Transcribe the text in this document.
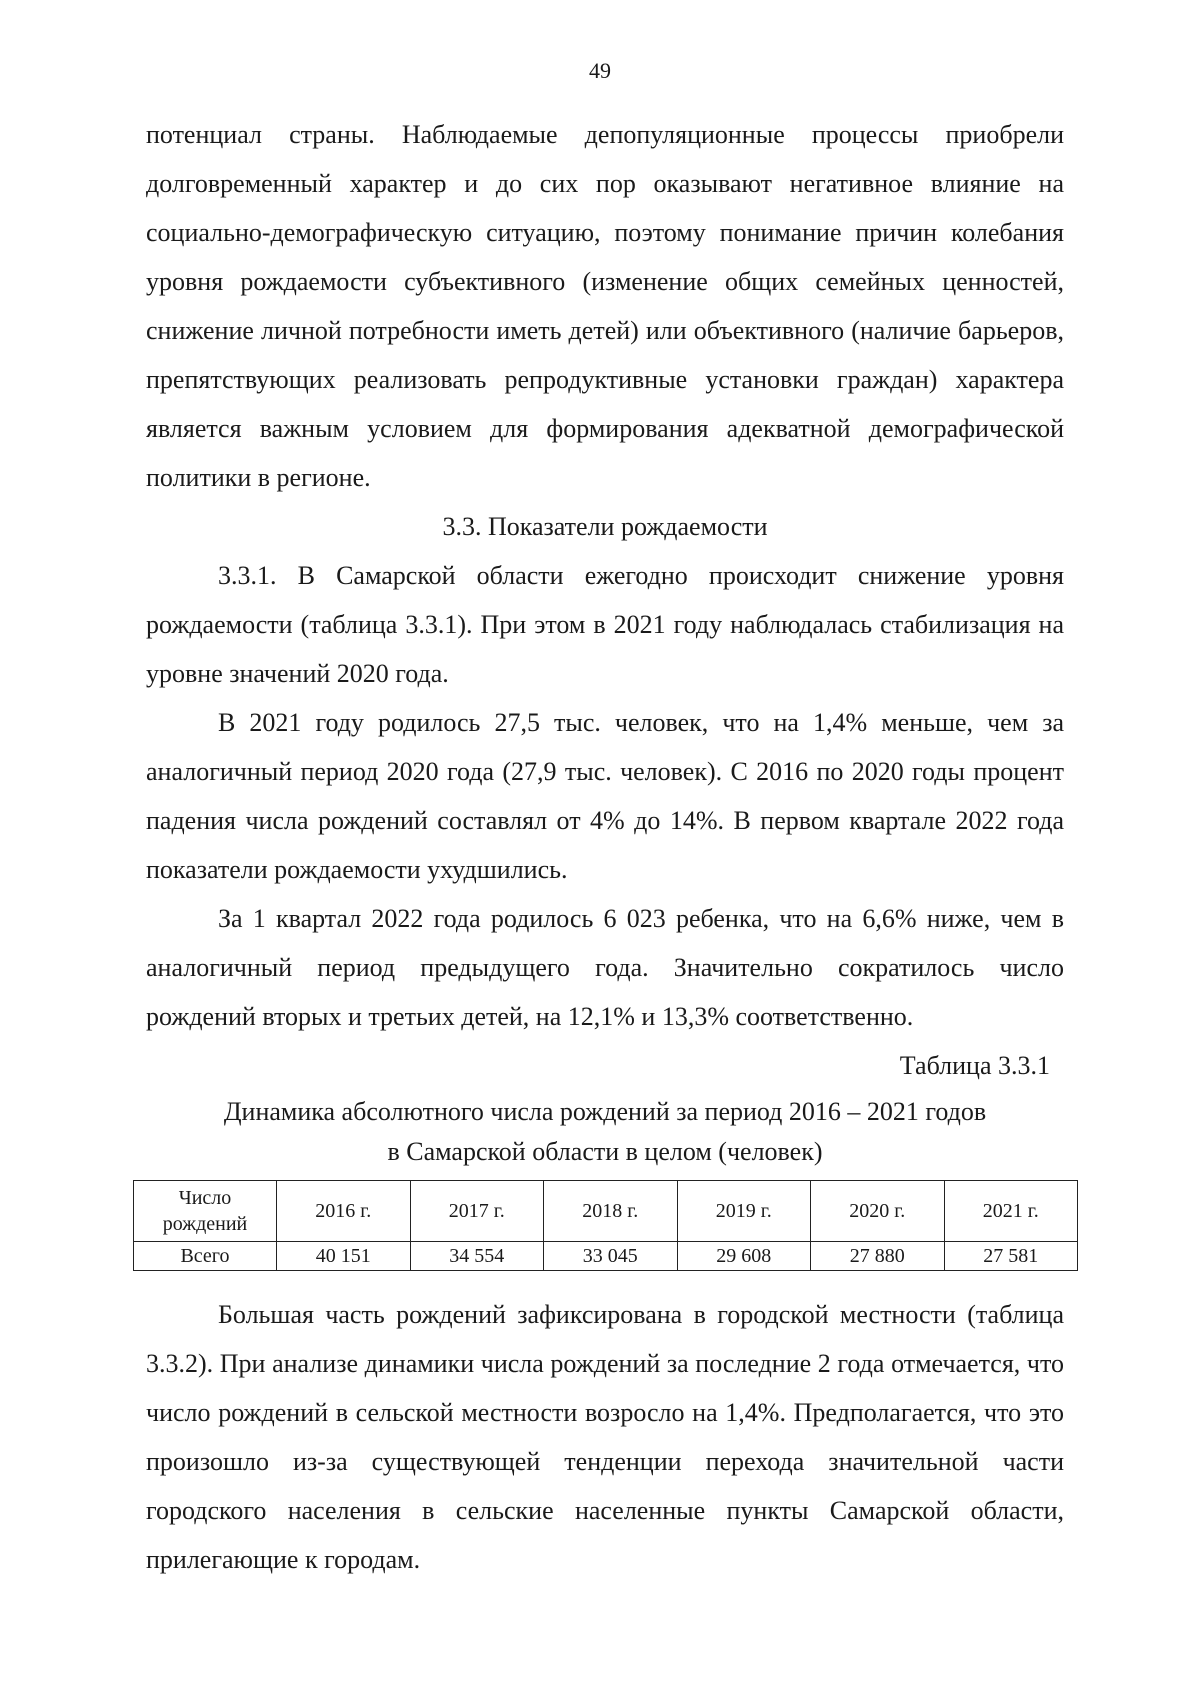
49

потенциал страны. Наблюдаемые депопуляционные процессы приобрели долговременный характер и до сих пор оказывают негативное влияние на социально-демографическую ситуацию, поэтому понимание причин колебания уровня рождаемости субъективного (изменение общих семейных ценностей, снижение личной потребности иметь детей) или объективного (наличие барьеров, препятствующих реализовать репродуктивные установки граждан) характера является важным условием для формирования адекватной демографической политики в регионе.

3.3. Показатели рождаемости

3.3.1. В Самарской области ежегодно происходит снижение уровня рождаемости (таблица 3.3.1). При этом в 2021 году наблюдалась стабилизация на уровне значений 2020 года.

В 2021 году родилось 27,5 тыс. человек, что на 1,4% меньше, чем за аналогичный период 2020 года (27,9 тыс. человек). С 2016 по 2020 годы процент падения числа рождений составлял от 4% до 14%. В первом квартале 2022 года показатели рождаемости ухудшились.

За 1 квартал 2022 года родилось 6 023 ребенка, что на 6,6% ниже, чем в аналогичный период предыдущего года. Значительно сократилось число рождений вторых и третьих детей, на 12,1% и 13,3% соответственно.

Таблица 3.3.1

Динамика абсолютного числа рождений за период 2016 – 2021 годов

в Самарской области в целом (человек)

Число рождений	2016 г.	2017 г.	2018 г.	2019 г.	2020 г.	2021 г.
Всего	40 151	34 554	33 045	29 608	27 880	27 581

Большая часть рождений зафиксирована в городской местности (таблица 3.3.2). При анализе динамики числа рождений за последние 2 года отмечается, что число рождений в сельской местности возросло на 1,4%. Предполагается, что это произошло из-за существующей тенденции перехода значительной части городского населения в сельские населенные пункты Самарской области, прилегающие к городам.
